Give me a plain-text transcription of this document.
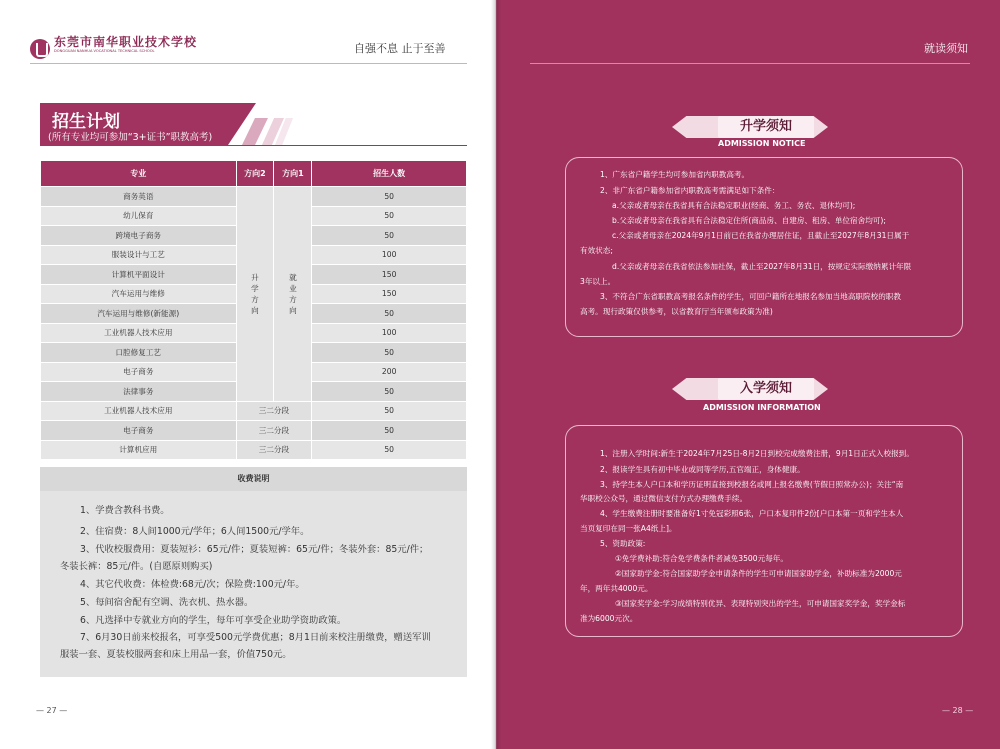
东莞市南华职业技术学校
DONGGUAN NANHUA VOCATIONAL TECHNICAL SCHOOL	自强不息 止于至善
招生计划
(所有专业均可参加“3+证书”职教高考)
专业	方向2	方向1	招生人数
商务英语	升学方向	就业方向	50
幼儿保育			50
跨境电子商务			50
服装设计与工艺			100
计算机平面设计			150
汽车运用与维修			150
汽车运用与维修(新能源)			50
工业机器人技术应用			100
口腔修复工艺			50
电子商务			200
法律事务			50
工业机器人技术应用	三二分段		50
电子商务	三二分段		50
计算机应用	三二分段		50
收费说明
1、学费含教科书费。
2、住宿费：8人间1000元/学年；6人间1500元/学年。
3、代收校服费用：夏装短衫：65元/件；夏装短裤：65元/件；冬装外套：85元/件；
冬装长裤：85元/件。(自愿原则购买)
4、其它代收费：体检费:68元/次；保险费:100元/年。
5、每间宿舍配有空调、洗衣机、热水器。
6、凡选择中专就业方向的学生，每年可享受企业助学资助政策。
7、6月30日前来校报名，可享受500元学费优惠；8月1日前来校注册缴费，赠送军训
服装一套、夏装校服两套和床上用品一套，价值750元。
— 27 —
就读须知
升学须知
ADMISSION NOTICE
1、广东省户籍学生均可参加省内职教高考。
2、非广东省户籍参加省内职教高考需满足如下条件：
a.父亲或者母亲在我省具有合法稳定职业(经商、务工、务农、退休均可);
b.父亲或者母亲在我省具有合法稳定住所(商品房、自建房、租房、单位宿舍均可);
c.父亲或者母亲在2024年9月1日前已在我省办理居住证，且截止至2027年8月31日属于
有效状态;
d.父亲或者母亲在我省依法参加社保，截止至2027年8月31日，按规定实际缴纳累计年限
3年以上。
3、不符合广东省职教高考报名条件的学生，可回户籍所在地报名参加当地高职院校的职教
高考。现行政策仅供参考，以省教育厅当年颁布政策为准)
入学须知
ADMISSION INFORMATION
1、注册入学时间:新生于2024年7月25日-8月2日到校完成缴费注册，9月1日正式入校报到。
2、报读学生具有初中毕业或同等学历,五官端正，身体健康。
3、持学生本人户口本和学历证明直接到校报名或网上报名缴费(节假日照常办公)；关注“南
华职校公众号，通过微信支付方式办理缴费手续。
4、学生缴费注册时要准备好1寸免冠彩照6张，户口本复印件2份[户口本第一页和学生本人
当页复印在同一张A4纸上]。
5、资助政策:
①免学费补助:符合免学费条件者减免3500元每年。
②国家助学金:符合国家助学金申请条件的学生可申请国家助学金，补助标准为2000元
年，两年共4000元。
③国家奖学金:学习成绩特别优异、表现特别突出的学生，可申请国家奖学金，奖学金标
准为6000元次。
— 28 —
